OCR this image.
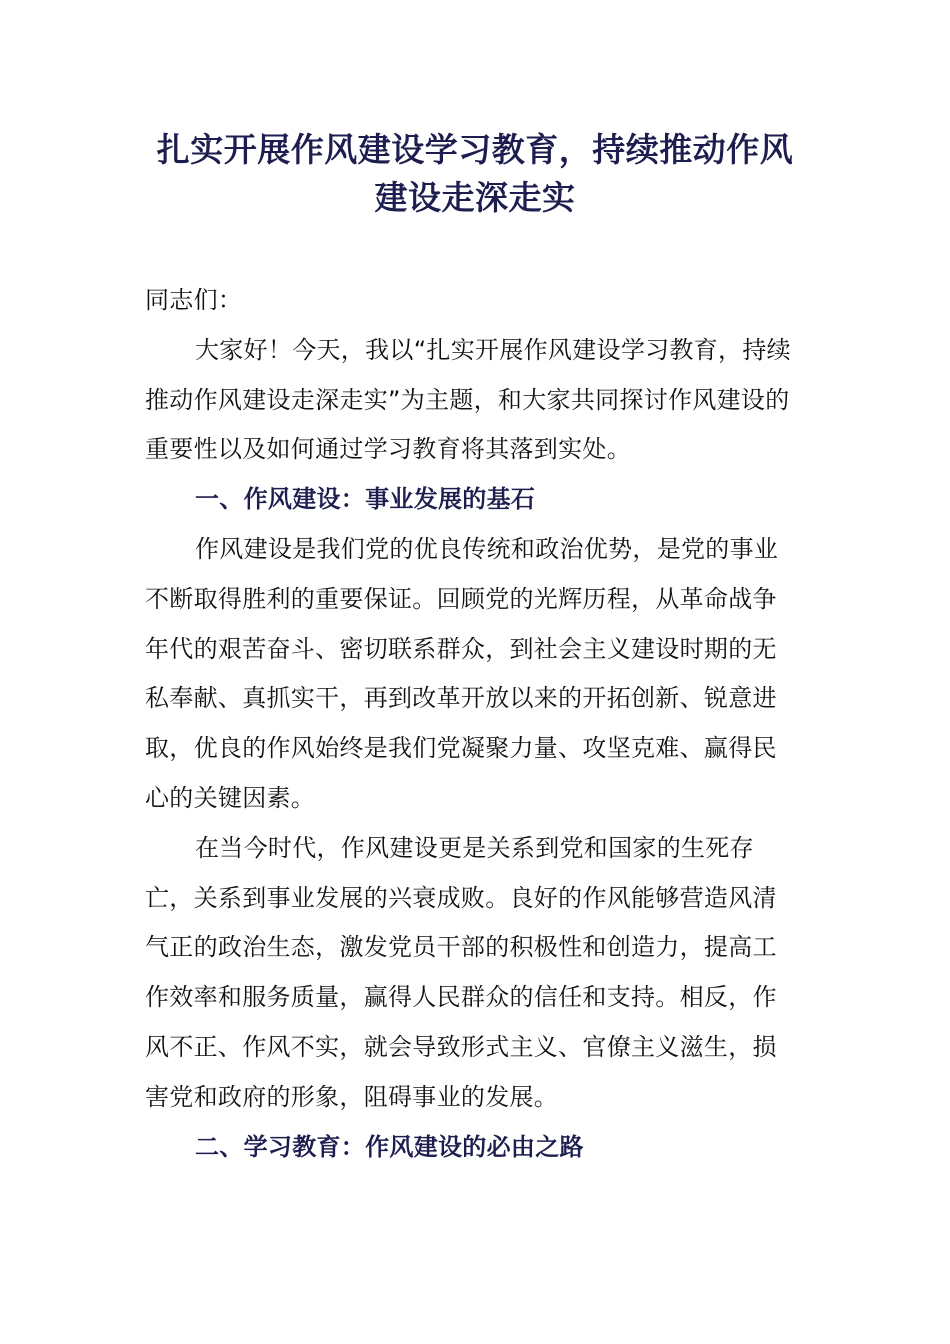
扎实开展作风建设学习教育，持续推动作风建设走深走实

同志们：

大家好！今天，我以“扎实开展作风建设学习教育，持续推动作风建设走深走实”为主题，和大家共同探讨作风建设的重要性以及如何通过学习教育将其落到实处。

一、作风建设：事业发展的基石

作风建设是我们党的优良传统和政治优势，是党的事业不断取得胜利的重要保证。回顾党的光辉历程，从革命战争年代的艰苦奋斗、密切联系群众，到社会主义建设时期的无私奉献、真抓实干，再到改革开放以来的开拓创新、锐意进取，优良的作风始终是我们党凝聚力量、攻坚克难、赢得民心的关键因素。

在当今时代，作风建设更是关系到党和国家的生死存亡，关系到事业发展的兴衰成败。良好的作风能够营造风清气正的政治生态，激发党员干部的积极性和创造力，提高工作效率和服务质量，赢得人民群众的信任和支持。相反，作风不正、作风不实，就会导致形式主义、官僚主义滋生，损害党和政府的形象，阻碍事业的发展。

二、学习教育：作风建设的必由之路
